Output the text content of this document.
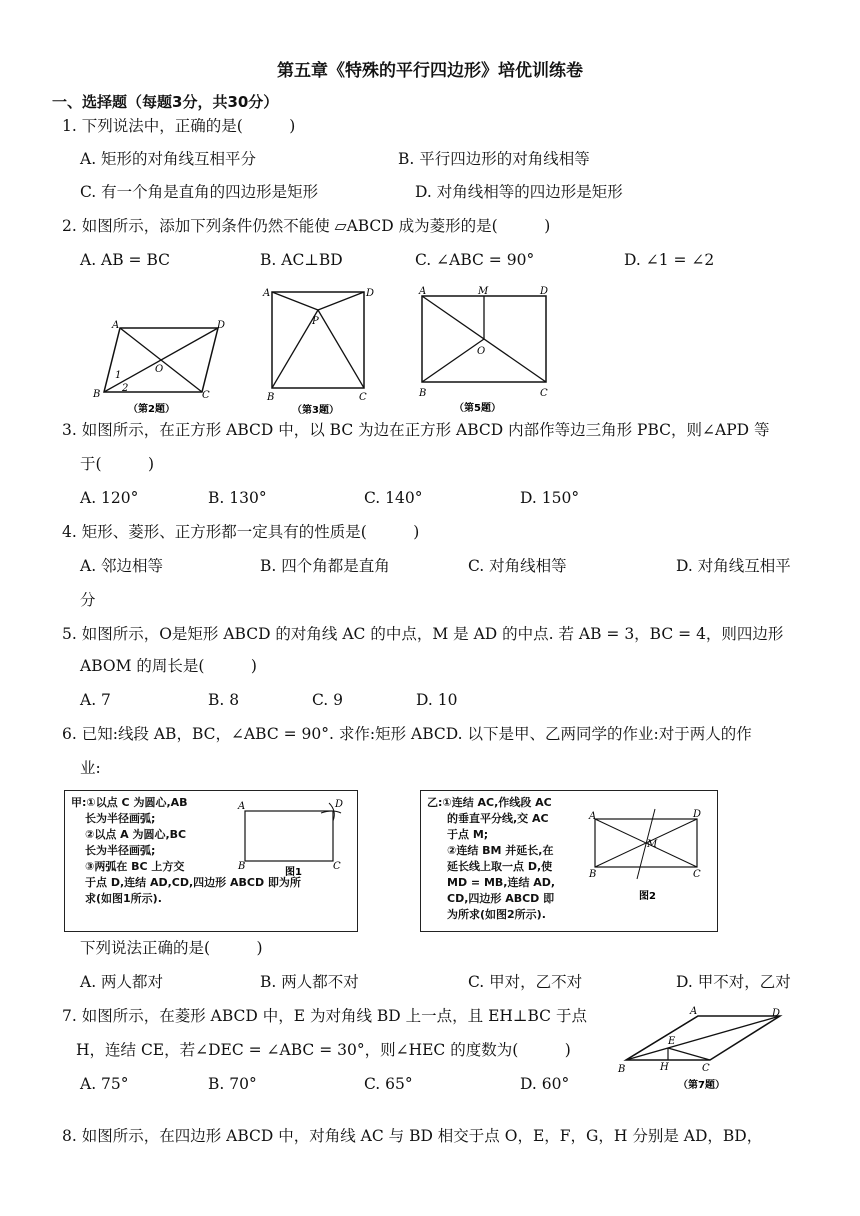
第五章《特殊的平行四边形》培优训练卷
一、选择题（每题3分，共30分）
1. 下列说法中，正确的是(　　　)
A. 矩形的对角线互相平分	B. 平行四边形的对角线相等
C. 有一个角是直角的四边形是矩形	D. 对角线相等的四边形是矩形
2. 如图所示，添加下列条件仍然不能使 ▱ABCD 成为菱形的是(　　　)
A. AB = BC	B. AC⊥BD	C. ∠ABC = 90°	D. ∠1 = ∠2
A	D
B	C
O
1
2
（第2题）
A	D
B	C
P
（第3题）
A	M	D
B	C
O
（第5题）
3. 如图所示，在正方形 ABCD 中，以 BC 为边在正方形 ABCD 内部作等边三角形 PBC，则∠APD 等
于(　　　)
A. 120°	B. 130°	C. 140°	D. 150°
4. 矩形、菱形、正方形都一定具有的性质是(　　　)
A. 邻边相等	B. 四个角都是直角	C. 对角线相等	D. 对角线互相平
分
5. 如图所示，O是矩形 ABCD 的对角线 AC 的中点，M 是 AD 的中点. 若 AB = 3，BC = 4，则四边形
ABOM 的周长是(　　　)
A. 7	B. 8	C. 9	D. 10
6. 已知:线段 AB，BC，∠ABC = 90°. 求作:矩形 ABCD. 以下是甲、乙两同学的作业:对于两人的作
业:
甲:①以点 C 为圆心,AB
长为半径画弧;
②以点 A 为圆心,BC
长为半径画弧;
③两弧在 BC 上方交
于点 D,连结 AD,CD,四边形 ABCD 即为所
求(如图1所示).
A	D
B	C
图1
乙:①连结 AC,作线段 AC
的垂直平分线,交 AC
于点 M;
②连结 BM 并延长,在
延长线上取一点 D,使
MD = MB,连结 AD,
CD,四边形 ABCD 即
为所求(如图2所示).
A	D
B	C
M
图2
下列说法正确的是(　　　)
A. 两人都对	B. 两人都不对	C. 甲对，乙不对	D. 甲不对，乙对
7. 如图所示，在菱形 ABCD 中，E 为对角线 BD 上一点，且 EH⊥BC 于点
H，连结 CE，若∠DEC = ∠ABC = 30°，则∠HEC 的度数为(　　　)
A. 75°	B. 70°	C. 65°	D. 60°
A	D
B	H	C
E
（第7题）
8. 如图所示，在四边形 ABCD 中，对角线 AC 与 BD 相交于点 O，E，F，G，H 分别是 AD，BD，
